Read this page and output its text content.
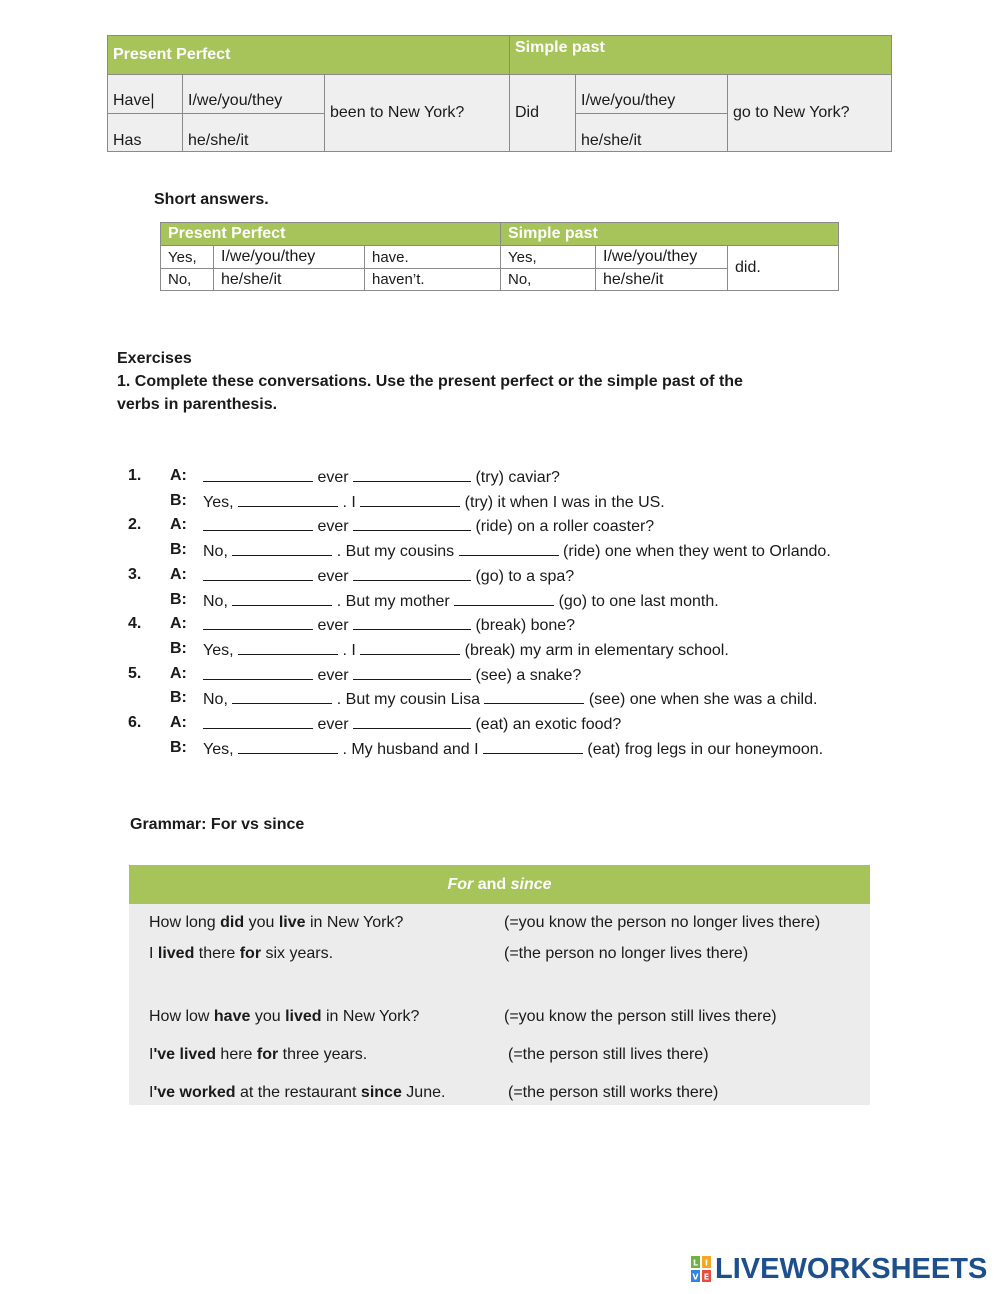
Present Perfect			Simple past		
Have|	I/we/you/they	been to New York?	Did	I/we/you/they	go to New York?
Has	he/she/it			he/she/it	
Short answers.
Present Perfect			Simple past		
Yes,	I/we/you/they	have.	Yes,	I/we/you/they	did.
No,	he/she/it	haven’t.	No,	he/she/it	
Exercises
1. Complete these conversations. Use the present perfect or the simple past of the
verbs in parenthesis.
1. A:	ever	(try) caviar?
B: Yes,	. I	(try) it when I was in the US.
2. A:	ever	(ride) on a roller coaster?
B: No,	. But my cousins	(ride) one when they went to Orlando.
3. A:	ever	(go) to a spa?
B: No,	. But my mother	(go) to one last month.
4. A:	ever	(break) bone?
B: Yes,	. I	(break) my arm in elementary school.
5. A:	ever	(see) a snake?
B: No,	. But my cousin Lisa	(see) one when she was a child.
6. A:	ever	(eat) an exotic food?
B: Yes,	. My husband and I	(eat) frog legs in our honeymoon.
Grammar: For vs since
For and since
How long did you live in New York?	(=you know the person no longer lives there)
I lived there for six years.	(=the person no longer lives there)
How low have you lived in New York?	(=you know the person still lives there)
I've lived here for three years.	(=the person still lives there)
I've worked at the restaurant since June.	(=the person still works there)
L I
V E LIVEWORKSHEETS
